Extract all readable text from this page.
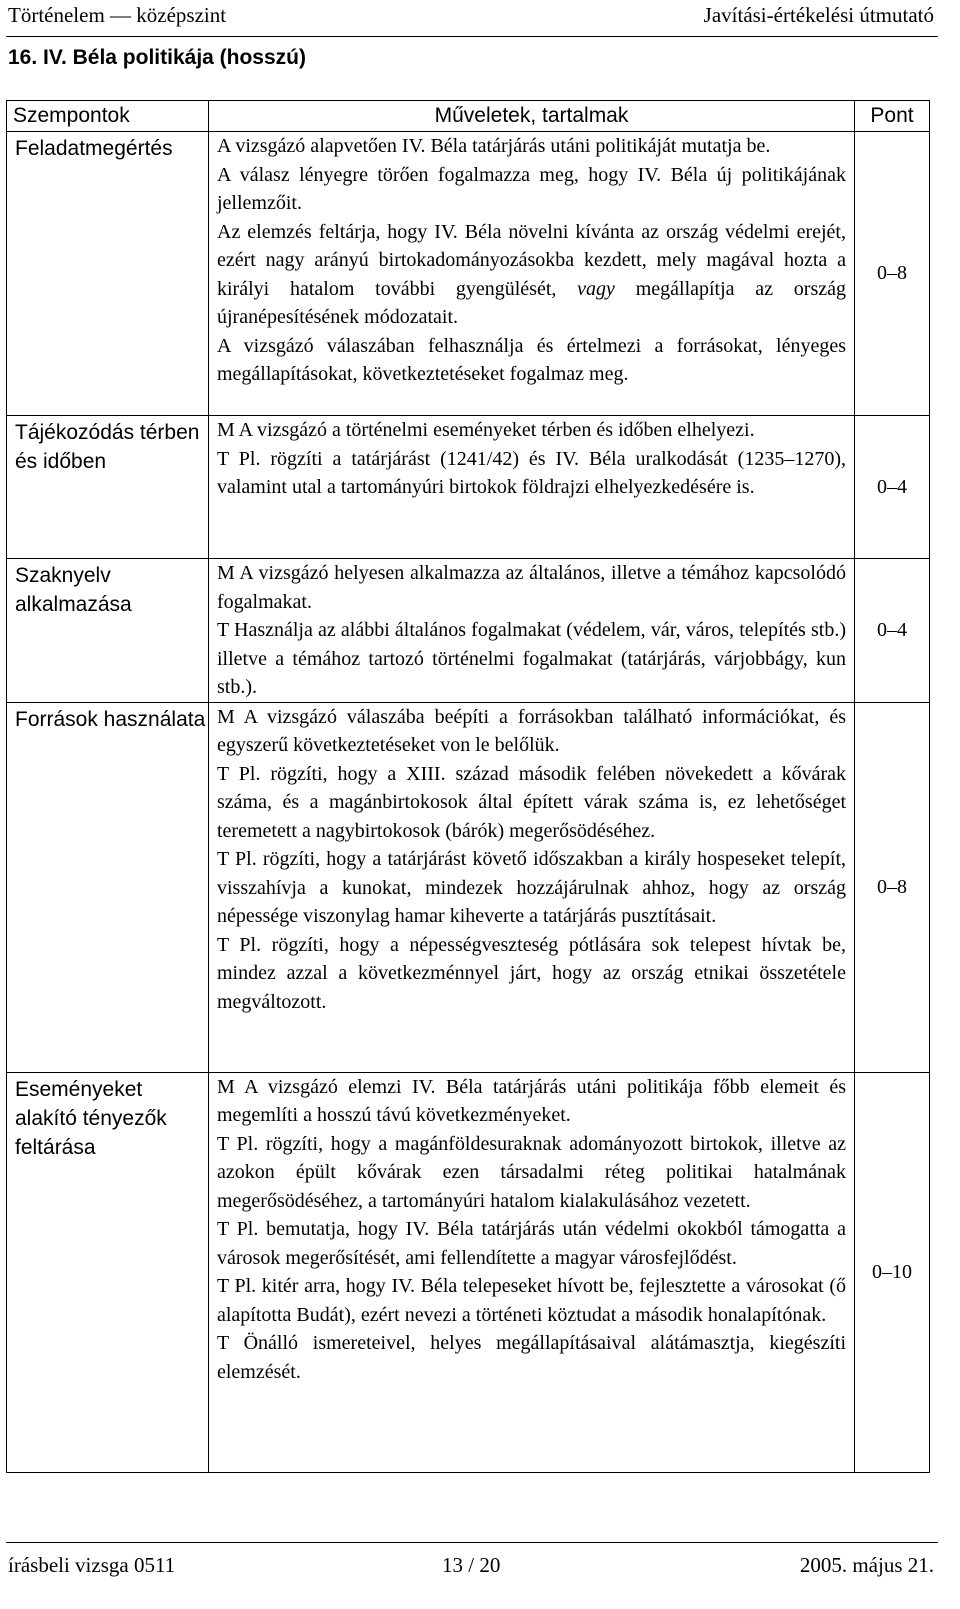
Történelem — középszint	Javítási-értékelési útmutató
16. IV. Béla politikája (hosszú)
Szempontok	Műveletek, tartalmak	Pont
Feladatmegértés	A vizsgázó alapvetően IV. Béla tatárjárás utáni politikáját mutatja be.

A válasz lényegre törően fogalmazza meg, hogy IV. Béla új politikájának jellemzőit.

Az elemzés feltárja, hogy IV. Béla növelni kívánta az ország védelmi erejét, ezért nagy arányú birtokadományozásokba kezdett, mely magával hozta a királyi hatalom további gyengülését, vagy megállapítja az ország újranépesítésének módozatait.

A vizsgázó válaszában felhasználja és értelmezi a forrásokat, lényeges megállapításokat, következtetéseket fogalmaz meg.	0–8
Tájékozódás térben és időben	M A vizsgázó a történelmi eseményeket térben és időben elhelyezi.

T Pl. rögzíti a tatárjárást (1241/42) és IV. Béla uralkodását (1235–1270), valamint utal a tartományúri birtokok földrajzi elhelyezkedésére is.	0–4
Szaknyelv alkalmazása	M A vizsgázó helyesen alkalmazza az általános, illetve a témához kapcsolódó fogalmakat.

T Használja az alábbi általános fogalmakat (védelem, vár, város, telepítés stb.) illetve a témához tartozó történelmi fogalmakat (tatárjárás, várjobbágy, kun stb.).	0–4
Források használata	M A vizsgázó válaszába beépíti a forrásokban található információkat, és egyszerű következtetéseket von le belőlük.

T Pl. rögzíti, hogy a XIII. század második felében növekedett a kővárak száma, és a magánbirtokosok által épített várak száma is, ez lehetőséget teremetett a nagybirtokosok (bárók) megerősödéséhez.

T Pl. rögzíti, hogy a tatárjárást követő időszakban a király hospeseket telepít, visszahívja a kunokat, mindezek hozzájárulnak ahhoz, hogy az ország népessége viszonylag hamar kiheverte a tatárjárás pusztításait.

T Pl. rögzíti, hogy a népességveszteség pótlására sok telepest hívtak be, mindez azzal a következménnyel járt, hogy az ország etnikai összetétele megváltozott.	0–8
Eseményeket alakító tényezők feltárása	M A vizsgázó elemzi IV. Béla tatárjárás utáni politikája főbb elemeit és megemlíti a hosszú távú következményeket.

T Pl. rögzíti, hogy a magánföldesuraknak adományozott birtokok, illetve az azokon épült kővárak ezen társadalmi réteg politikai hatalmának megerősödéséhez, a tartományúri hatalom kialakulásához vezetett.

T Pl. bemutatja, hogy IV. Béla tatárjárás után védelmi okokból támogatta a városok megerősítését, ami fellendítette a magyar városfejlődést.

T Pl. kitér arra, hogy IV. Béla telepeseket hívott be, fejlesztette a városokat (ő alapította Budát), ezért nevezi a történeti köztudat a második honalapítónak.

T Önálló ismereteivel, helyes megállapításaival alátámasztja, kiegészíti elemzését.	0–10
írásbeli vizsga 0511	13 / 20	2005. május 21.
